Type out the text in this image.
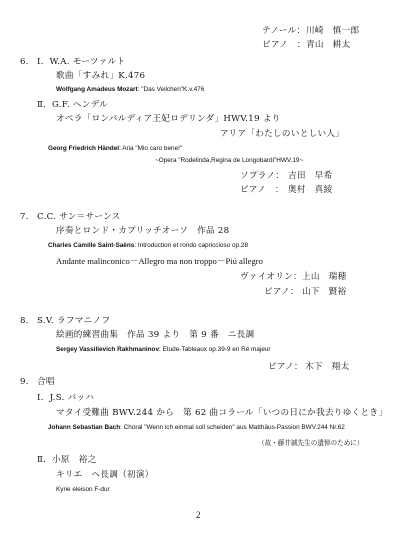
テノール： 川崎　慎一郎
ピアノ　： 青山　耕太
6． Ⅰ．W.A. モーツァルト
歌曲「すみれ」K.476
Wolfgang Amadeus Mozart: "Das Veilchen"K.v.476
Ⅱ．G.F. ヘンデル
オペラ「ロンバルディア王妃ロデリンダ」HWV.19 より
アリア「わたしのいとしい人」
Georg Friedrich Händel: Aria "Mio caro bene!"
~Opera "Rodelinda,Regina de Longobardi"HWV.19~
ソプラノ： 吉田　早希
ピアノ　： 奥村　真綾
7． C.C. サン＝サーンス
序奏とロンド・カプリッチオーソ　作品 28
Charles Camille Saint-Saëns: Introduction et rondo capriccioso op.28
Andante malinconico－Allegro ma non troppo－Piú allegro
ヴァイオリン： 上山　瑞穂
ピアノ： 山下　賢裕
8． S.V. ラフマニノフ
絵画的練習曲集　作品 39 より　第 9 番　ニ長調
Sergey Vassilievich Rakhmaninov: Etude-Tableaux op.39-9 en Ré majeur
ピアノ： 木下　翔太
9． 合唱
Ⅰ．J.S. バッハ
マタイ受難曲 BWV.244 から　第 62 曲コラール「いつの日にか我去りゆくとき」
Johann Sebastian Bach: Choral "Wenn ich einmal soll scheiden" aus Matthäus-Passion BWV.244 Nr.62
（故・藤井誠先生の遺悼のために）
Ⅱ．小原　裕之
キリエ　ヘ長調（初演）
Kyrie eleison F-dur
2
